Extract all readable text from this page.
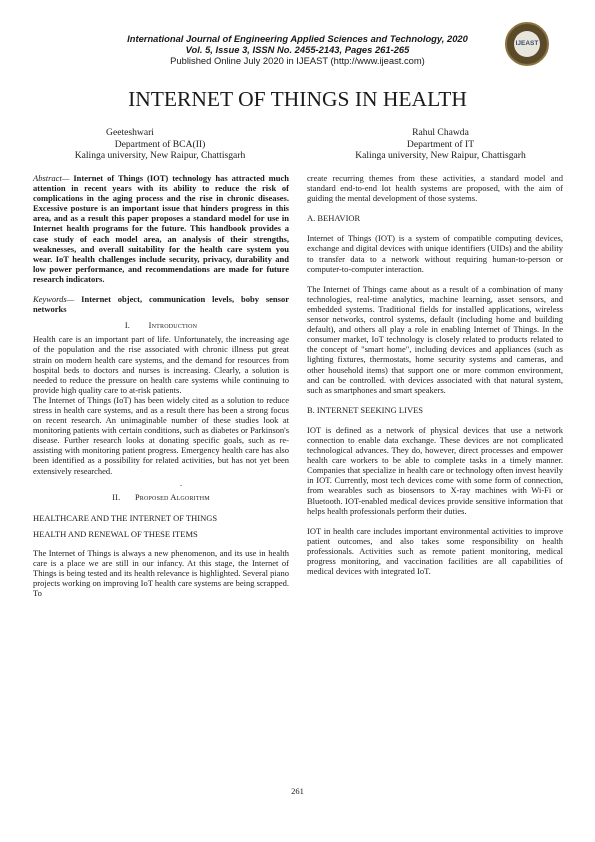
International Journal of Engineering Applied Sciences and Technology, 2020
Vol. 5, Issue 3, ISSN No. 2455-2143, Pages 261-265
Published Online July 2020 in IJEAST (http://www.ijeast.com)
IJEAST
INTERNET OF THINGS IN HEALTH
Geeteshwari
Department of BCA(II)
Kalinga university, New Raipur, Chattisgarh
Rahul Chawda
Department of IT
Kalinga university, New Raipur, Chattisgarh

Abstract— Internet of Things (IOT) technology has attracted much attention in recent years with its ability to reduce the risk of complications in the aging process and the rise in chronic diseases. Excessive posture is an important issue that hinders progress in this area, and as a result this paper proposes a standard model for use in Internet health programs for the future. This handbook provides a case study of each model area, an analysis of their strengths, weaknesses, and overall suitability for the health care system you wear. IoT health challenges include security, privacy, durability and low power performance, and recommendations are made for future research indicators.

Keywords— Internet object, communication levels, boby sensor networks

I. Introduction

Health care is an important part of life. Unfortunately, the increasing age of the population and the rise associated with chronic illness put great strain on modern health care systems, and the demand for resources from hospital beds to doctors and nurses is increasing. Clearly, a solution is needed to reduce the pressure on health care systems while continuing to provide high quality care to at-risk patients.

The Internet of Things (IoT) has been widely cited as a solution to reduce stress in health care systems, and as a result there has been a strong focus on recent research. An unimaginable number of these studies look at monitoring patients with certain conditions, such as diabetes or Parkinson's disease. Further research looks at donating specific goals, such as re-assisting with monitoring patient progress. Emergency health care has also been identified as a possibility for related activities, but has not yet been extensively researched.

.
II. Proposed Algorithm
HEALTHCARE AND THE INTERNET OF THINGS
HEALTH AND RENEWAL OF THESE ITEMS

The Internet of Things is always a new phenomenon, and its use in health care is a place we are still in our infancy. At this stage, the Internet of Things is being tested and its health relevance is highlighted. Several piano projects working on improving IoT health care systems are being scrapped. To

create recurring themes from these activities, a standard model and standard end-to-end Iot health systems are proposed, with the aim of guiding the mental development of those systems.

A. BEHAVIOR

Internet of Things (IOT) is a system of compatible computing devices, exchange and digital devices with unique identifiers (UIDs) and the ability to transfer data to a network without requiring human-to-person or computer-to-computer interaction.

The Internet of Things came about as a result of a combination of many technologies, real-time analytics, machine learning, asset sensors, and embedded systems. Traditional fields for installed applications, wireless sensor networks, control systems, default (including home and building default), and others all play a role in enabling Internet of Things. In the consumer market, IoT technology is closely related to products related to the concept of "smart home", including devices and appliances (such as lighting fixtures, thermostats, home security systems and cameras, and other household items) that support one or more common environment, and can be controlled. with devices associated with that natural system, such as smartphones and smart speakers.

B. INTERNET SEEKING LIVES

IOT is defined as a network of physical devices that use a network connection to enable data exchange. These devices are not complicated technological advances. They do, however, direct processes and empower health care workers to be able to complete tasks in a timely manner. Companies that specialize in health care or technology often invest heavily in IOT. Currently, most tech devices come with some form of connection, from wearables such as biosensors to X-ray machines with Wi-Fi or Bluetooth. IOT-enabled medical devices provide sensitive information that helps health professionals perform their duties.

IOT in health care includes important environmental activities to improve patient outcomes, and also takes some responsibility on health professionals. Activities such as remote patient monitoring, medical progress monitoring, and vaccination facilities are all capabilities of medical devices with integrated IoT.

261
